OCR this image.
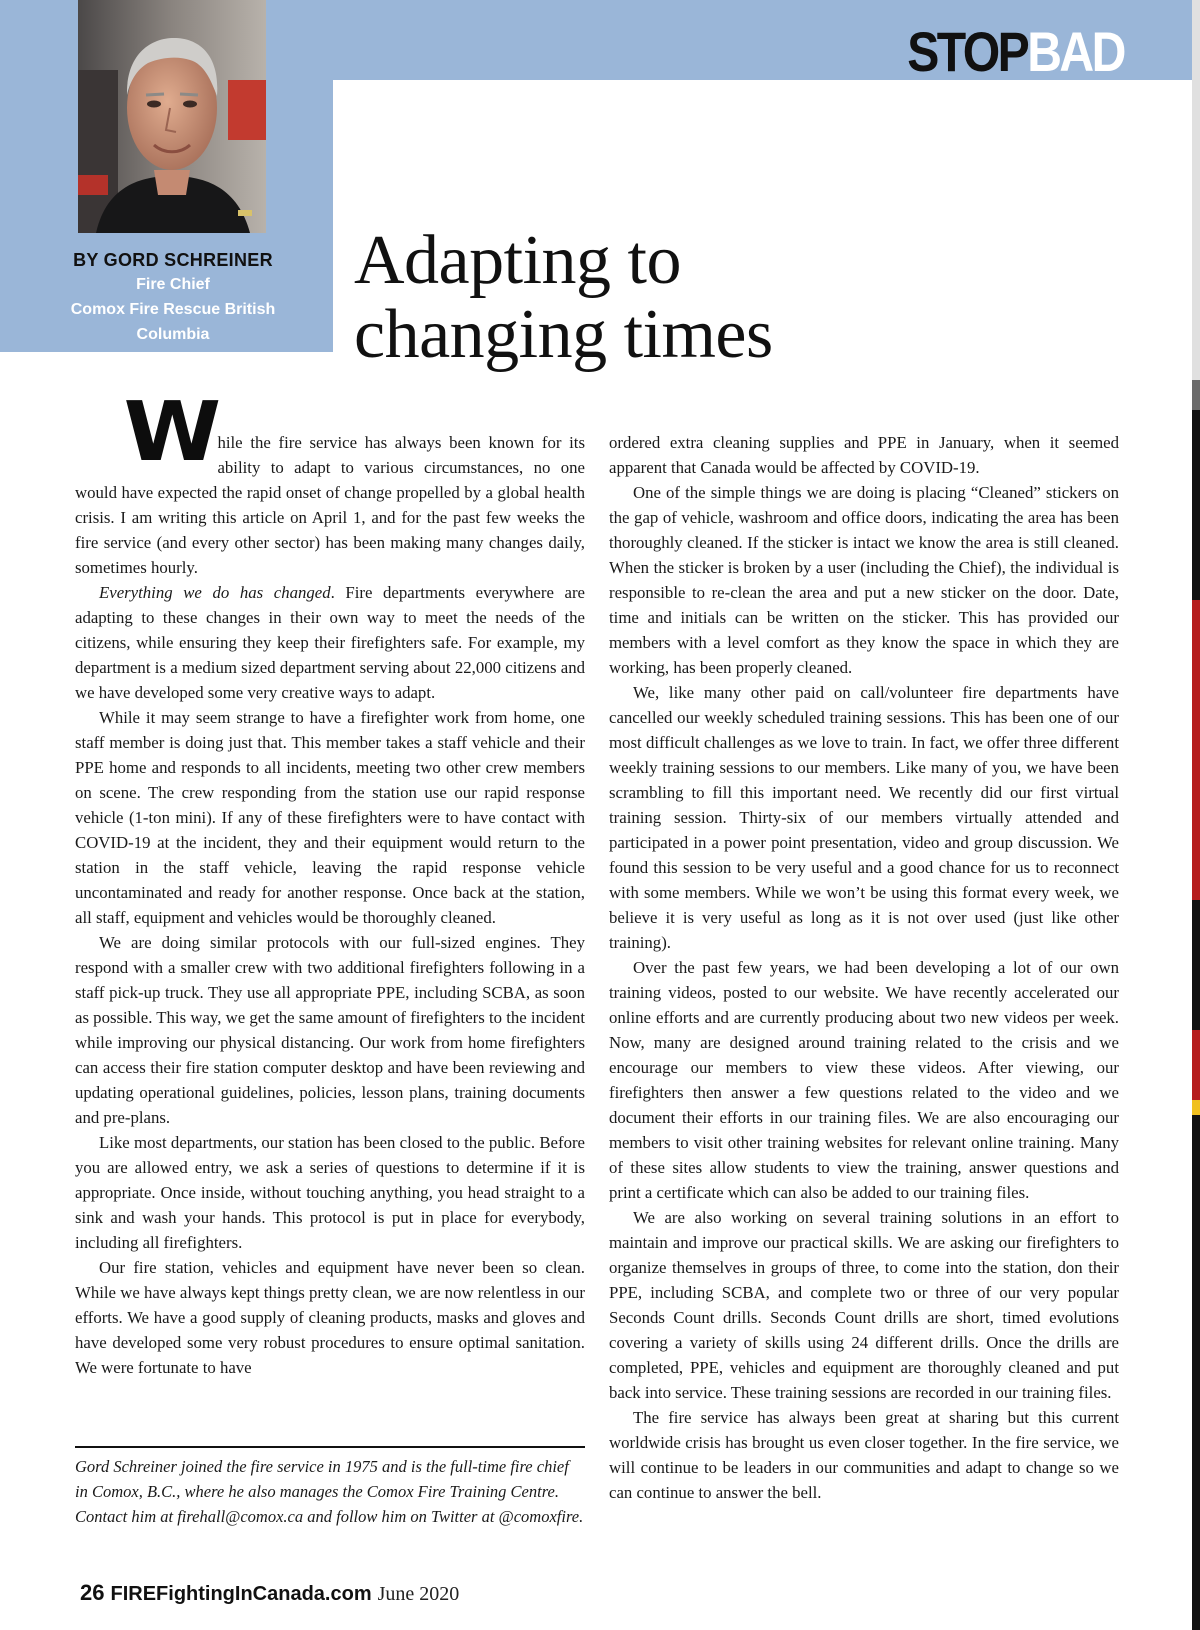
STOPBAD
BY GORD SCHREINER
Fire Chief
Comox Fire Rescue British
Columbia
Adapting to
changing times

While the fire service has always been known for its ability to adapt to various circumstances, no one would have expected the rapid onset of change propelled by a global health crisis. I am writing this article on April 1, and for the past few weeks the fire service (and every other sector) has been making many changes daily, sometimes hourly.

Everything we do has changed. Fire departments everywhere are adapting to these changes in their own way to meet the needs of the citizens, while ensuring they keep their firefighters safe. For example, my department is a medium sized department serving about 22,000 citizens and we have developed some very creative ways to adapt.

While it may seem strange to have a firefighter work from home, one staff member is doing just that. This member takes a staff vehicle and their PPE home and responds to all incidents, meeting two other crew members on scene. The crew responding from the station use our rapid response vehicle (1-ton mini). If any of these firefighters were to have contact with COVID-19 at the incident, they and their equipment would return to the station in the staff vehicle, leaving the rapid response vehicle uncontaminated and ready for another response. Once back at the station, all staff, equipment and vehicles would be thoroughly cleaned.

We are doing similar protocols with our full-sized engines. They respond with a smaller crew with two additional firefighters following in a staff pick-up truck. They use all appropriate PPE, including SCBA, as soon as possible. This way, we get the same amount of firefighters to the incident while improving our physical distancing. Our work from home firefighters can access their fire station computer desktop and have been reviewing and updating operational guidelines, policies, lesson plans, training documents and pre-plans.

Like most departments, our station has been closed to the public. Before you are allowed entry, we ask a series of questions to determine if it is appropriate. Once inside, without touching anything, you head straight to a sink and wash your hands. This protocol is put in place for everybody, including all firefighters.

Our fire station, vehicles and equipment have never been so clean. While we have always kept things pretty clean, we are now relentless in our efforts. We have a good supply of cleaning products, masks and gloves and have developed some very robust procedures to ensure optimal sanitation. We were fortunate to have

Gord Schreiner joined the fire service in 1975 and is the full-time fire chief in Comox, B.C., where he also manages the Comox Fire Training Centre. Contact him at firehall@comox.ca and follow him on Twitter at @comoxfire.

ordered extra cleaning supplies and PPE in January, when it seemed apparent that Canada would be affected by COVID-19.

One of the simple things we are doing is placing “Cleaned” stickers on the gap of vehicle, washroom and office doors, indicating the area has been thoroughly cleaned. If the sticker is intact we know the area is still cleaned. When the sticker is broken by a user (including the Chief), the individual is responsible to re-clean the area and put a new sticker on the door. Date, time and initials can be written on the sticker. This has provided our members with a level comfort as they know the space in which they are working, has been properly cleaned.

We, like many other paid on call/volunteer fire departments have cancelled our weekly scheduled training sessions. This has been one of our most difficult challenges as we love to train. In fact, we offer three different weekly training sessions to our members. Like many of you, we have been scrambling to fill this important need. We recently did our first virtual training session. Thirty-six of our members virtually attended and participated in a power point presentation, video and group discussion. We found this session to be very useful and a good chance for us to reconnect with some members. While we won’t be using this format every week, we believe it is very useful as long as it is not over used (just like other training).

Over the past few years, we had been developing a lot of our own training videos, posted to our website. We have recently accelerated our online efforts and are currently producing about two new videos per week. Now, many are designed around training related to the crisis and we encourage our members to view these videos. After viewing, our firefighters then answer a few questions related to the video and we document their efforts in our training files. We are also encouraging our members to visit other training websites for relevant online training. Many of these sites allow students to view the training, answer questions and print a certificate which can also be added to our training files.

We are also working on several training solutions in an effort to maintain and improve our practical skills. We are asking our firefighters to organize themselves in groups of three, to come into the station, don their PPE, including SCBA, and complete two or three of our very popular Seconds Count drills. Seconds Count drills are short, timed evolutions covering a variety of skills using 24 different drills. Once the drills are completed, PPE, vehicles and equipment are thoroughly cleaned and put back into service. These training sessions are recorded in our training files.

The fire service has always been great at sharing but this current worldwide crisis has brought us even closer together. In the fire service, we will continue to be leaders in our communities and adapt to change so we can continue to answer the bell.

26 FIREFightingInCanada.com June 2020
